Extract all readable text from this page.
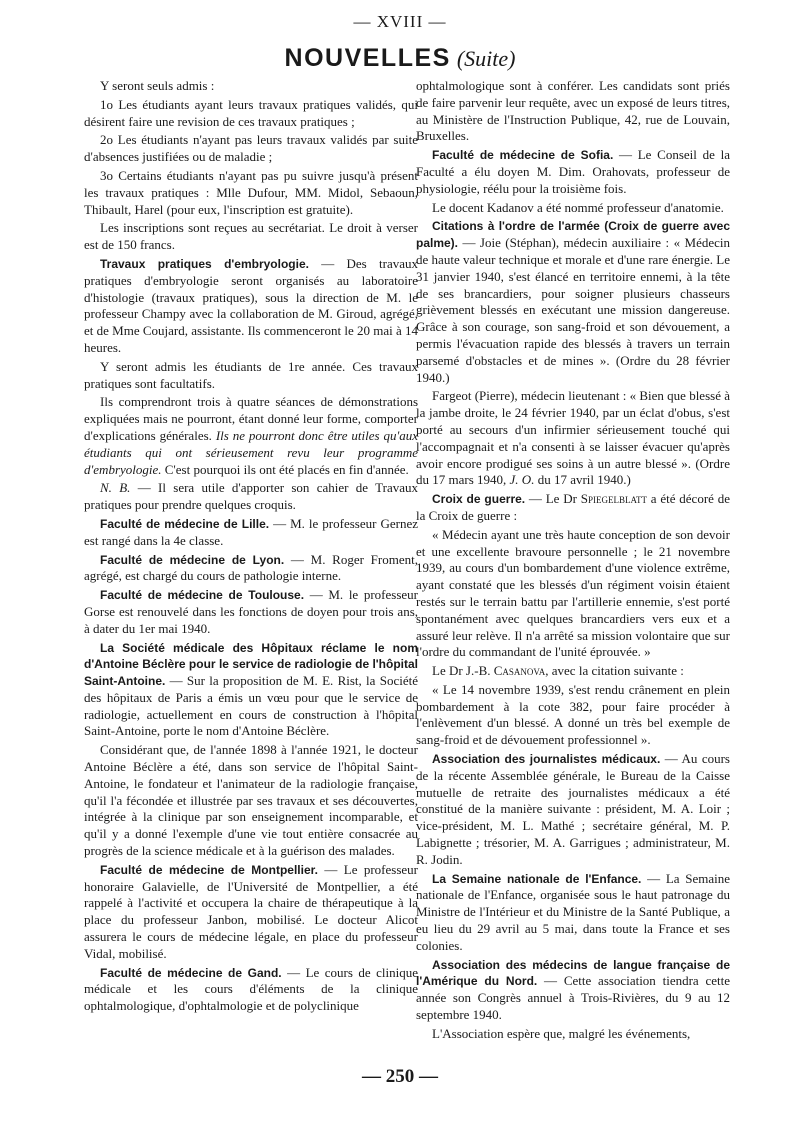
— XVIII —
NOUVELLES (Suite)

Y seront seuls admis :

1o Les étudiants ayant leurs travaux pratiques validés, qui désirent faire une revision de ces travaux pratiques ;

2o Les étudiants n'ayant pas leurs travaux validés par suite d'absences justifiées ou de maladie ;

3o Certains étudiants n'ayant pas pu suivre jusqu'à présent les travaux pratiques : Mlle Dufour, MM. Midol, Sebaoun, Thibault, Harel (pour eux, l'inscription est gratuite).

Les inscriptions sont reçues au secrétariat. Le droit à verser est de 150 francs.

Travaux pratiques d'embryologie. — Des travaux pratiques d'embryologie seront organisés au laboratoire d'histologie (travaux pratiques), sous la direction de M. le professeur Champy avec la collaboration de M. Giroud, agrégé, et de Mme Coujard, assistante. Ils commenceront le 20 mai à 14 heures.

Y seront admis les étudiants de 1re année. Ces travaux pratiques sont facultatifs.

Ils comprendront trois à quatre séances de démonstrations expliquées mais ne pourront, étant donné leur forme, comporter d'explications générales. Ils ne pourront donc être utiles qu'aux étudiants qui ont sérieusement revu leur programme d'embryologie. C'est pourquoi ils ont été placés en fin d'année.

N. B. — Il sera utile d'apporter son cahier de Travaux pratiques pour prendre quelques croquis.

Faculté de médecine de Lille. — M. le professeur Gernez est rangé dans la 4e classe.

Faculté de médecine de Lyon. — M. Roger Froment, agrégé, est chargé du cours de pathologie interne.

Faculté de médecine de Toulouse. — M. le professeur Gorse est renouvelé dans les fonctions de doyen pour trois ans, à dater du 1er mai 1940.

La Société médicale des Hôpitaux réclame le nom d'Antoine Béclère pour le service de radiologie de l'hôpital Saint-Antoine. — Sur la proposition de M. E. Rist, la Société des hôpitaux de Paris a émis un vœu pour que le service de radiologie, actuellement en cours de construction à l'hôpital Saint-Antoine, porte le nom d'Antoine Béclère.

Considérant que, de l'année 1898 à l'année 1921, le docteur Antoine Béclère a été, dans son service de l'hôpital Saint-Antoine, le fondateur et l'animateur de la radiologie française, qu'il l'a fécondée et illustrée par ses travaux et ses découvertes, intégrée à la clinique par son enseignement incomparable, et qu'il y a donné l'exemple d'une vie tout entière consacrée au progrès de la science médicale et à la guérison des malades.

Faculté de médecine de Montpellier. — Le professeur honoraire Galavielle, de l'Université de Montpellier, a été rappelé à l'activité et occupera la chaire de thérapeutique à la place du professeur Janbon, mobilisé. Le docteur Alicot assurera le cours de médecine légale, en place du professeur Vidal, mobilisé.

Faculté de médecine de Gand. — Le cours de clinique médicale et les cours d'éléments de la clinique ophtalmologique, d'ophtalmologie et de polyclinique

ophtalmologique sont à conférer. Les candidats sont priés de faire parvenir leur requête, avec un exposé de leurs titres, au Ministère de l'Instruction Publique, 42, rue de Louvain, Bruxelles.

Faculté de médecine de Sofia. — Le Conseil de la Faculté a élu doyen M. Dim. Orahovats, professeur de physiologie, réélu pour la troisième fois.

Le docent Kadanov a été nommé professeur d'anatomie.

Citations à l'ordre de l'armée (Croix de guerre avec palme). — Joie (Stéphan), médecin auxiliaire : « Médecin de haute valeur technique et morale et d'une rare énergie. Le 31 janvier 1940, s'est élancé en territoire ennemi, à la tête de ses brancardiers, pour soigner plusieurs chasseurs grièvement blessés en exécutant une mission dangereuse. Grâce à son courage, son sang-froid et son dévouement, a permis l'évacuation rapide des blessés à travers un terrain parsemé d'obstacles et de mines ». (Ordre du 28 février 1940.)

Fargeot (Pierre), médecin lieutenant : « Bien que blessé à la jambe droite, le 24 février 1940, par un éclat d'obus, s'est porté au secours d'un infirmier sérieusement touché qui l'accompagnait et n'a consenti à se laisser évacuer qu'après avoir encore prodigué ses soins à un autre blessé ». (Ordre du 17 mars 1940, J. O. du 17 avril 1940.)

Croix de guerre. — Le Dr Spiegelblatt a été décoré de la Croix de guerre :

« Médecin ayant une très haute conception de son devoir et une excellente bravoure personnelle ; le 21 novembre 1939, au cours d'un bombardement d'une violence extrême, ayant constaté que les blessés d'un régiment voisin étaient restés sur le terrain battu par l'artillerie ennemie, s'est porté spontanément avec quelques brancardiers vers eux et a assuré leur relève. Il n'a arrêté sa mission volontaire que sur l'ordre du commandant de l'unité éprouvée. »

Le Dr J.-B. Casanova, avec la citation suivante :

« Le 14 novembre 1939, s'est rendu crânement en plein bombardement à la cote 382, pour faire procéder à l'enlèvement d'un blessé. A donné un très bel exemple de sang-froid et de dévouement professionnel ».

Association des journalistes médicaux. — Au cours de la récente Assemblée générale, le Bureau de la Caisse mutuelle de retraite des journalistes médicaux a été constitué de la manière suivante : président, M. A. Loir ; vice-président, M. L. Mathé ; secrétaire général, M. P. Labignette ; trésorier, M. A. Garrigues ; administrateur, M. R. Jodin.

La Semaine nationale de l'Enfance. — La Semaine nationale de l'Enfance, organisée sous le haut patronage du Ministre de l'Intérieur et du Ministre de la Santé Publique, a eu lieu du 29 avril au 5 mai, dans toute la France et ses colonies.

Association des médecins de langue française de l'Amérique du Nord. — Cette association tiendra cette année son Congrès annuel à Trois-Rivières, du 9 au 12 septembre 1940.

L'Association espère que, malgré les événements,

— 250 —
